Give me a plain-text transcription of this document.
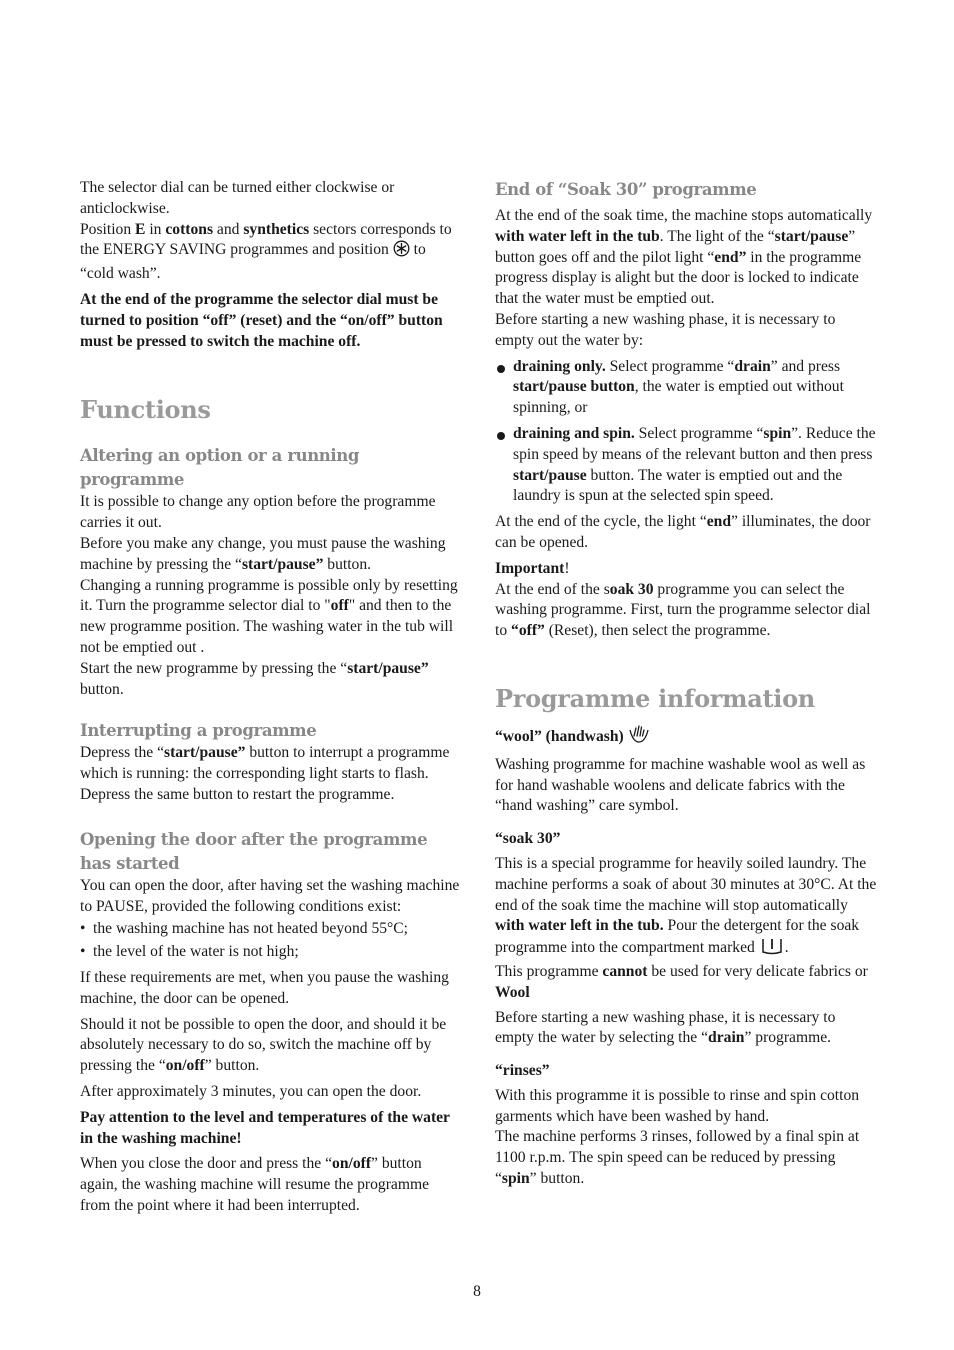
The selector dial can be turned either clockwise or anticlockwise.

Position E in cottons and synthetics sectors corresponds to the ENERGY SAVING programmes and position  to “cold wash”.

At the end of the programme the selector dial must be turned to position “off” (reset) and the “on/off” button must be pressed to switch the machine off.

Functions
Altering an option or a running programme

It is possible to change any option before the programme carries it out.

Before you make any change, you must pause the washing machine by pressing the “start/pause” button.

Changing a running programme is possible only by resetting it. Turn the programme selector dial to "off" and then to the new programme position. The washing water in the tub will not be emptied out .

Start the new programme by pressing the “start/pause” button.

Interrupting a programme

Depress the “start/pause” button to interrupt a programme which is running: the corresponding light starts to flash.

Depress the same button to restart the programme.

Opening the door after the programme has started

You can open the door, after having set the washing machine to PAUSE, provided the following conditions exist:

• the washing machine has not heated beyond 55°C;
• the level of the water is not high;

If these requirements are met, when you pause the washing machine, the door can be opened.

Should it not be possible to open the door, and should it be absolutely necessary to do so, switch the machine off by pressing the “on/off” button.

After approximately 3 minutes, you can open the door.

Pay attention to the level and temperatures of the water in the washing machine!

When you close the door and press the “on/off” button again, the washing machine will resume the programme from the point where it had been interrupted.

End of “Soak 30” programme

At the end of the soak time, the machine stops automatically with water left in the tub. The light of the “start/pause” button goes off and the pilot light “end” in the programme progress display is alight but the door is locked to indicate that the water must be emptied out.

Before starting a new washing phase, it is necessary to empty out the water by:

draining only. Select programme “drain” and press start/pause button, the water is emptied out without spinning, or
draining and spin. Select programme “spin”. Reduce the spin speed by means of the relevant button and then press start/pause button. The water is emptied out and the laundry is spun at the selected spin speed.

At the end of the cycle, the light “end” illuminates, the door can be opened.

Important!

At the end of the soak 30 programme you can select the washing programme. First, turn the programme selector dial to “off” (Reset), then select the programme.

Programme information
“wool” (handwash)

Washing programme for machine washable wool as well as for hand washable woolens and delicate fabrics with the “hand washing” care symbol.

“soak 30”

This is a special programme for heavily soiled laundry. The machine performs a soak of about 30 minutes at 30°C. At the end of the soak time the machine will stop automatically with water left in the tub. Pour the detergent for the soak programme into the compartment marked .

This programme cannot be used for very delicate fabrics or Wool

Before starting a new washing phase, it is necessary to empty the water by selecting the “drain” programme.

“rinses”

With this programme it is possible to rinse and spin cotton garments which have been washed by hand.

The machine performs 3 rinses, followed by a final spin at 1100 r.p.m. The spin speed can be reduced by pressing “spin” button.

8
